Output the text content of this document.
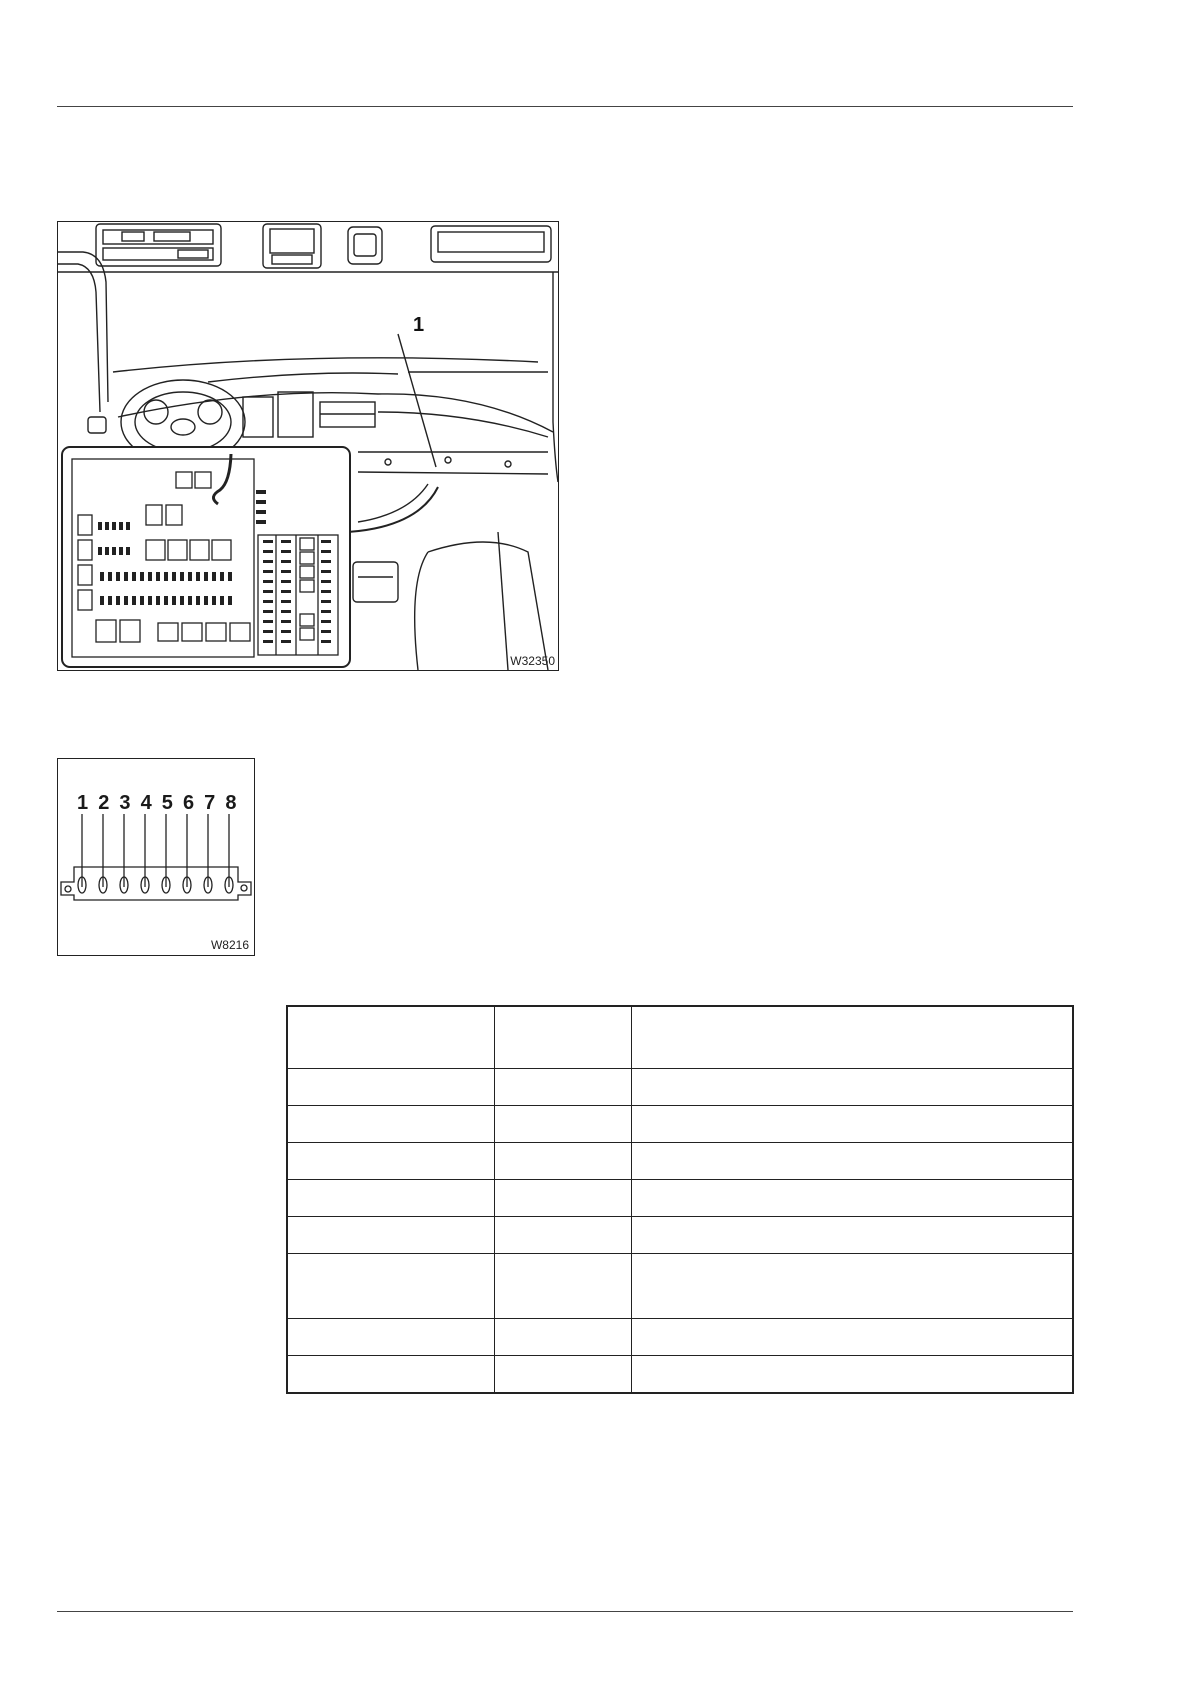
1
W32350
1 2 3 4 5 6 7 8
W8216
